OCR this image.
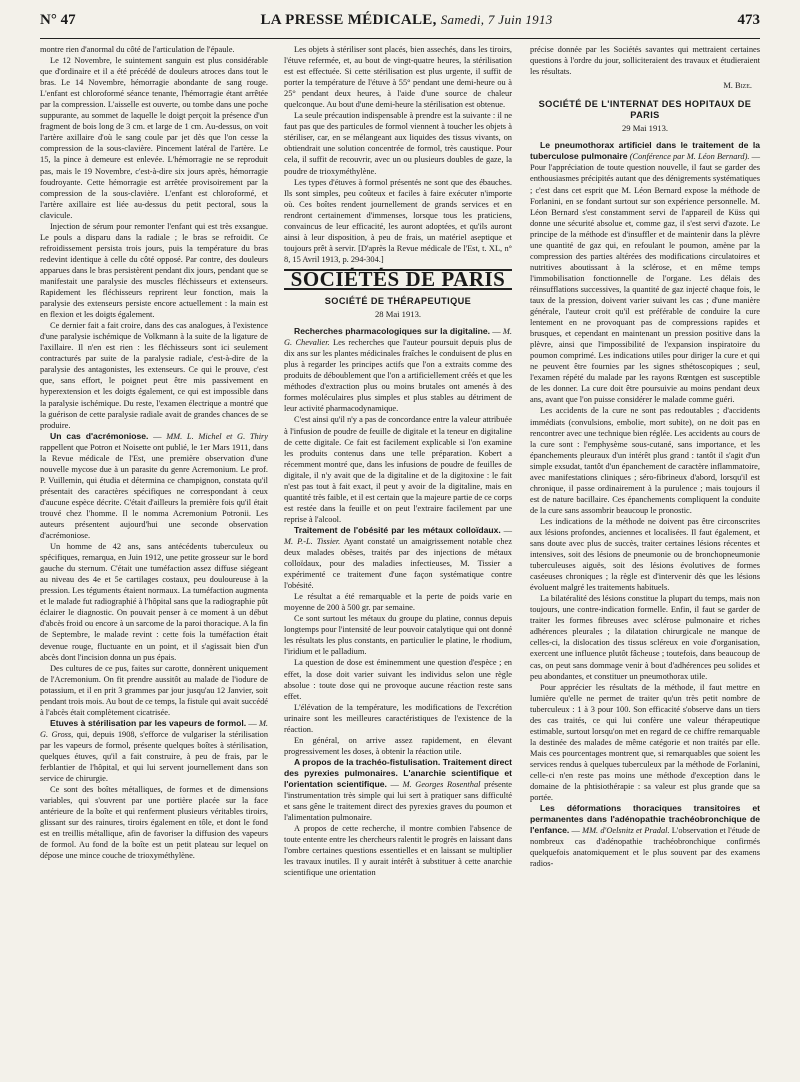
N° 47	LA PRESSE MÉDICALE, Samedi, 7 Juin 1913	473

montre rien d'anormal du côté de l'articulation de l'épaule.

Le 12 Novembre, le suintement sanguin est plus considérable que d'ordinaire et il a été précédé de douleurs atroces dans tout le bras. Le 14 Novembre, hémorragie abondante de sang rouge. L'enfant est chloroformé séance tenante, l'hémorragie étant arrêtée par la compression. L'aisselle est ouverte, ou tombe dans une poche suppurante, au sommet de laquelle le doigt perçoit la présence d'un fragment de bois long de 3 cm. et large de 1 cm. Au-dessus, on voit l'artère axillaire d'où le sang coule par jet dès que l'on cesse la compression de la sous-clavière. Pincement latéral de l'artère. Le 15, la pince à demeure est enlevée. L'hémorragie ne se reproduit pas, mais le 19 Novembre, c'est-à-dire six jours après, hémorragie foudroyante. Cette hémorragie est arrêtée provisoirement par la compression de la sous-clavière. L'enfant est chloroformé, et l'artère axillaire est liée au-dessus du petit pectoral, sous la clavicule.

Injection de sérum pour remonter l'enfant qui est très exsangue. Le pouls a disparu dans la radiale ; le bras se refroidit. Ce refroidissement persista trois jours, puis la température du bras redevint identique à celle du côté opposé. Par contre, des douleurs apparues dans le bras persistèrent pendant dix jours, pendant que se manifestait une paralysie des muscles fléchisseurs et extenseurs. Rapidement les fléchisseurs reprirent leur fonction, mais la paralysie des extenseurs persiste encore actuellement : la main est en flexion et les doigts également.

Ce dernier fait a fait croire, dans des cas analogues, à l'existence d'une paralysie ischémique de Volkmann à la suite de la ligature de l'axillaire. Il n'en est rien : les fléchisseurs sont ici seulement contracturés par suite de la paralysie radiale, c'est-à-dire de la paralysie des antagonistes, les extenseurs. Ce qui le prouve, c'est que, sans effort, le poignet peut être mis passivement en hyperextension et les doigts également, ce qui est impossible dans la paralysie ischémique. Du reste, l'examen électrique a montré que la guérison de cette paralysie radiale avait de grandes chances de se produire.

Un cas d'acrémoniose. — MM. L. Michel et G. Thiry rappellent que Potron et Noisette ont publié, le 1er Mars 1911, dans la Revue médicale de l'Est, une première observation d'une nouvelle mycose due à un parasite du genre Acremonium. Le prof. P. Vuillemin, qui étudia et détermina ce champignon, constata qu'il présentait des caractères spécifiques ne correspondant à ceux d'aucune espèce décrite. C'était d'ailleurs la première fois qu'il était trouvé chez l'homme. Il le nomma Acremonium Potronii. Les auteurs présentent aujourd'hui une seconde observation d'acrémoniose.

Un homme de 42 ans, sans antécédents tuberculeux ou spécifiques, remarqua, en Juin 1912, une petite grosseur sur le bord gauche du sternum. C'était une tuméfaction assez diffuse siégeant au niveau des 4e et 5e cartilages costaux, peu douloureuse à la pression. Les téguments étaient normaux. La tuméfaction augmenta et le malade fut radiographié à l'hôpital sans que la radiographie pût éclairer le diagnostic. On pouvait penser à ce moment à un début d'abcès froid ou encore à un sarcome de la paroi thoracique. A la fin de Septembre, le malade revint : cette fois la tuméfaction était devenue rouge, fluctuante en un point, et il s'agissait bien d'un abcès dont l'incision donna un pus épais.

Des cultures de ce pus, faites sur carotte, donnèrent uniquement de l'Acremonium. On fit prendre aussitôt au malade de l'iodure de potassium, et il en prit 3 grammes par jour jusqu'au 12 Janvier, soit pendant trois mois. Au bout de ce temps, la fistule qui avait succédé à l'abcès était complètement cicatrisée.

Etuves à stérilisation par les vapeurs de formol. — M. G. Gross, qui, depuis 1908, s'efforce de vulgariser la stérilisation par les vapeurs de formol, présente quelques boîtes à stérilisation, quelques étuves, qu'il a fait construire, à peu de frais, par le ferblantier de l'hôpital, et qui lui servent journellement dans son service de chirurgie.

Ce sont des boîtes métalliques, de formes et de dimensions variables, qui s'ouvrent par une portière placée sur la face antérieure de la boîte et qui renferment plusieurs véritables tiroirs, glissant sur des rainures, tiroirs également en tôle, et dont le fond est en treillis métallique, afin de favoriser la diffusion des vapeurs de formol. Au fond de la boîte est un petit plateau sur lequel on dépose une mince couche de trioxyméthylène.

Les objets à stériliser sont placés, bien assechés, dans les tiroirs, l'étuve refermée, et, au bout de vingt-quatre heures, la stérilisation est est effectuée. Si cette stérilisation est plus urgente, il suffit de porter la température de l'étuve à 55° pendant une demi-heure ou à 25° pendant deux heures, à l'aide d'une source de chaleur quelconque. Au bout d'une demi-heure la stérilisation est obtenue.

La seule précaution indispensable à prendre est la suivante : il ne faut pas que des particules de formol viennent à toucher les objets à stériliser, car, en se mélangeant aux liquides des tissus vivants, on obtiendrait une solution concentrée de formol, très caustique. Pour cela, il suffit de recouvrir, avec un ou plusieurs doubles de gaze, la poudre de trioxyméthylène.

Les types d'étuves à formol présentés ne sont que des ébauches. Ils sont simples, peu coûteux et faciles à faire exécuter n'importe où. Ces boîtes rendent journellement de grands services et en rendront certainement d'immenses, lorsque tous les praticiens, convaincus de leur efficacité, les auront adoptées, et qu'ils auront ainsi à leur disposition, à peu de frais, un matériel aseptique et toujours prêt à servir. [D'après la Revue médicale de l'Est, t. XL, n° 8, 15 Avril 1913, p. 294-304.]

SOCIÉTÉS DE PARIS
SOCIÉTÉ DE THÉRAPEUTIQUE
28 Mai 1913.

Recherches pharmacologiques sur la digitaline. — M. G. Chevalier. Les recherches que l'auteur poursuit depuis plus de dix ans sur les plantes médicinales fraîches le conduisent de plus en plus à regarder les principes actifs que l'on a extraits comme des produits de déboublement que l'on a artificiellement créés et que les méthodes d'extraction plus ou moins brutales ont amenés à des formes moléculaires plus simples et plus stables au détriment de leur activité pharmacodynamique.

C'est ainsi qu'il n'y a pas de concordance entre la valeur attribuée à l'infusion de poudre de feuille de digitale et la teneur en digitaline de cette digitale. Ce fait est facilement explicable si l'on examine les produits contenus dans une telle préparation. Kobert a récemment montré que, dans les infusions de poudre de feuilles de digitale, il n'y avait que de la digitaline et de la digitoxine : le fait n'est pas tout à fait exact, il peut y avoir de la digitaline, mais en quantité très faible, et il est certain que la majeure partie de ce corps est restée dans la feuille et on peut l'extraire facilement par une reprise à l'alcool.

Traitement de l'obésité par les métaux colloïdaux. — M. P.-L. Tissier. Ayant constaté un amaigrissement notable chez deux malades obèses, traités par des injections de métaux colloïdaux, pour des maladies infectieuses, M. Tissier a expérimenté ce traitement d'une façon systématique contre l'obésité.

Le résultat a été remarquable et la perte de poids varie en moyenne de 200 à 500 gr. par semaine.

Ce sont surtout les métaux du groupe du platine, connus depuis longtemps pour l'intensité de leur pouvoir catalytique qui ont donné les résultats les plus constants, en particulier le platine, le rhodium, l'iridium et le palladium.

La question de dose est éminemment une question d'espèce ; en effet, la dose doit varier suivant les individus selon une règle absolue : toute dose qui ne provoque aucune réaction reste sans effet.

L'élévation de la température, les modifications de l'excrétion urinaire sont les meilleures caractéristiques de l'existence de la réaction.

En général, on arrive assez rapidement, en élevant progressivement les doses, à obtenir la réaction utile.

A propos de la trachéo-fistulisation. Traitement direct des pyrexies pulmonaires. L'anarchie scientifique et l'orientation scientifique. — M. Georges Rosenthal présente l'instrumentation très simple qui lui sert à pratiquer sans difficulté et sans gêne le traitement direct des pyrexies graves du poumon et l'alimentation pulmonaire.

A propos de cette recherche, il montre combien l'absence de toute entente entre les chercheurs ralentit le progrès en laissant dans l'ombre certaines questions essentielles et en laissant se multiplier les travaux inutiles. Il y aurait intérêt à substituer à cette anarchie scientifique une orientation

précise donnée par les Sociétés savantes qui mettraient certaines questions à l'ordre du jour, solliciteraient des travaux et étudieraient les résultats.

M. Bize.
SOCIÉTÉ DE L'INTERNAT DES HOPITAUX DE PARIS
29 Mai 1913.

Le pneumothorax artificiel dans le traitement de la tuberculose pulmonaire (Conférence par M. Léon Bernard). — Pour l'appréciation de toute question nouvelle, il faut se garder des enthousiasmes précipités autant que des dénigrements systématiques ; c'est dans cet esprit que M. Léon Bernard expose la méthode de Forlanini, en se fondant surtout sur son expérience personnelle. M. Léon Bernard s'est constamment servi de l'appareil de Küss qui donne une sécurité absolue et, comme gaz, il s'est servi d'azote. Le principe de la méthode est d'insuffler et de maintenir dans la plèvre une quantité de gaz qui, en refoulant le poumon, amène par la compression des parties altérées des modifications circulatoires et nutritives aboutissant à la sclérose, et en même temps l'immobilisation fonctionnelle de l'organe. Les délais des réinsufflations successives, la quantité de gaz injecté chaque fois, le taux de la pression, doivent varier suivant les cas ; d'une manière générale, l'auteur croit qu'il est préférable de conduire la cure lentement en ne provoquant pas de compressions rapides et brusques, et cependant en maintenant un pression positive dans la plèvre, ainsi que l'impossibilité de l'expansion inspiratoire du poumon comprimé. Les indications utiles pour diriger la cure et qui ne peuvent être fournies par les signes sthétoscopiques ; seul, l'examen répété du malade par les rayons Rœntgen est susceptible de les donner. La cure doit être poursuivie au moins pendant deux ans, avant que l'on puisse considérer le malade comme guéri.

Les accidents de la cure ne sont pas redoutables ; d'accidents immédiats (convulsions, embolie, mort subite), on ne doit pas en rencontrer avec une technique bien réglée. Les accidents au cours de la cure sont : l'emphysème sous-cutané, sans importance, et les épanchements pleuraux d'un intérêt plus grand : tantôt il s'agit d'un simple exsudat, tantôt d'un épanchement de caractère inflammatoire, avec manifestations cliniques ; séro-fibrineux d'abord, lorsqu'il est chronique, il passe ordinairement à la purulence ; mais toujours il est de nature bacillaire. Ces épanchements compliquent la conduite de la cure sans assombrir beaucoup le pronostic.

Les indications de la méthode ne doivent pas être circonscrites aux lésions profondes, anciennes et localisées. Il faut également, et sans doute avec plus de succès, traiter certaines lésions récentes et intensives, soit des lésions de pneumonie ou de bronchopneumonie tuberculeuses aiguës, soit des lésions évolutives de formes caséeuses chroniques ; la règle est d'intervenir dès que les lésions évoluent malgré les traitements habituels.

La bilatéralité des lésions constitue la plupart du temps, mais non toujours, une contre-indication formelle. Enfin, il faut se garder de traiter les formes fibreuses avec sclérose pulmonaire et riches adhérences pleurales ; la dilatation chirurgicale ne manque de celles-ci, la dislocation des tissus scléreux en voie d'organisation, exercent une influence plutôt fâcheuse ; toutefois, dans beaucoup de cas, on peut sans dommage venir à bout d'adhérences peu solides et peu abondantes, et constituer un pneumothorax utile.

Pour apprécier les résultats de la méthode, il faut mettre en lumière qu'elle ne permet de traiter qu'un très petit nombre de tuberculeux : 1 à 3 pour 100. Son efficacité s'observe dans un tiers des cas traités, ce qui lui confère une valeur thérapeutique estimable, surtout lorsqu'on met en regard de ce chiffre remarquable la destinée des malades de même catégorie et non traités par elle. Mais ces pourcentages montrent que, si remarquables que soient les services rendus à quelques tuberculeux par la méthode de Forlanini, celle-ci n'en reste pas moins une méthode d'exception dans le domaine de la phtisiothérapie : sa valeur est plus grande que sa portée.

Les déformations thoraciques transitoires et permanentes dans l'adénopathie trachéobronchique de l'enfance. — MM. d'Oelsnitz et Pradal. L'observation et l'étude de nombreux cas d'adénopathie trachéobronchique confirmés quelquefois anatomiquement et le plus souvent par des examens radios-
